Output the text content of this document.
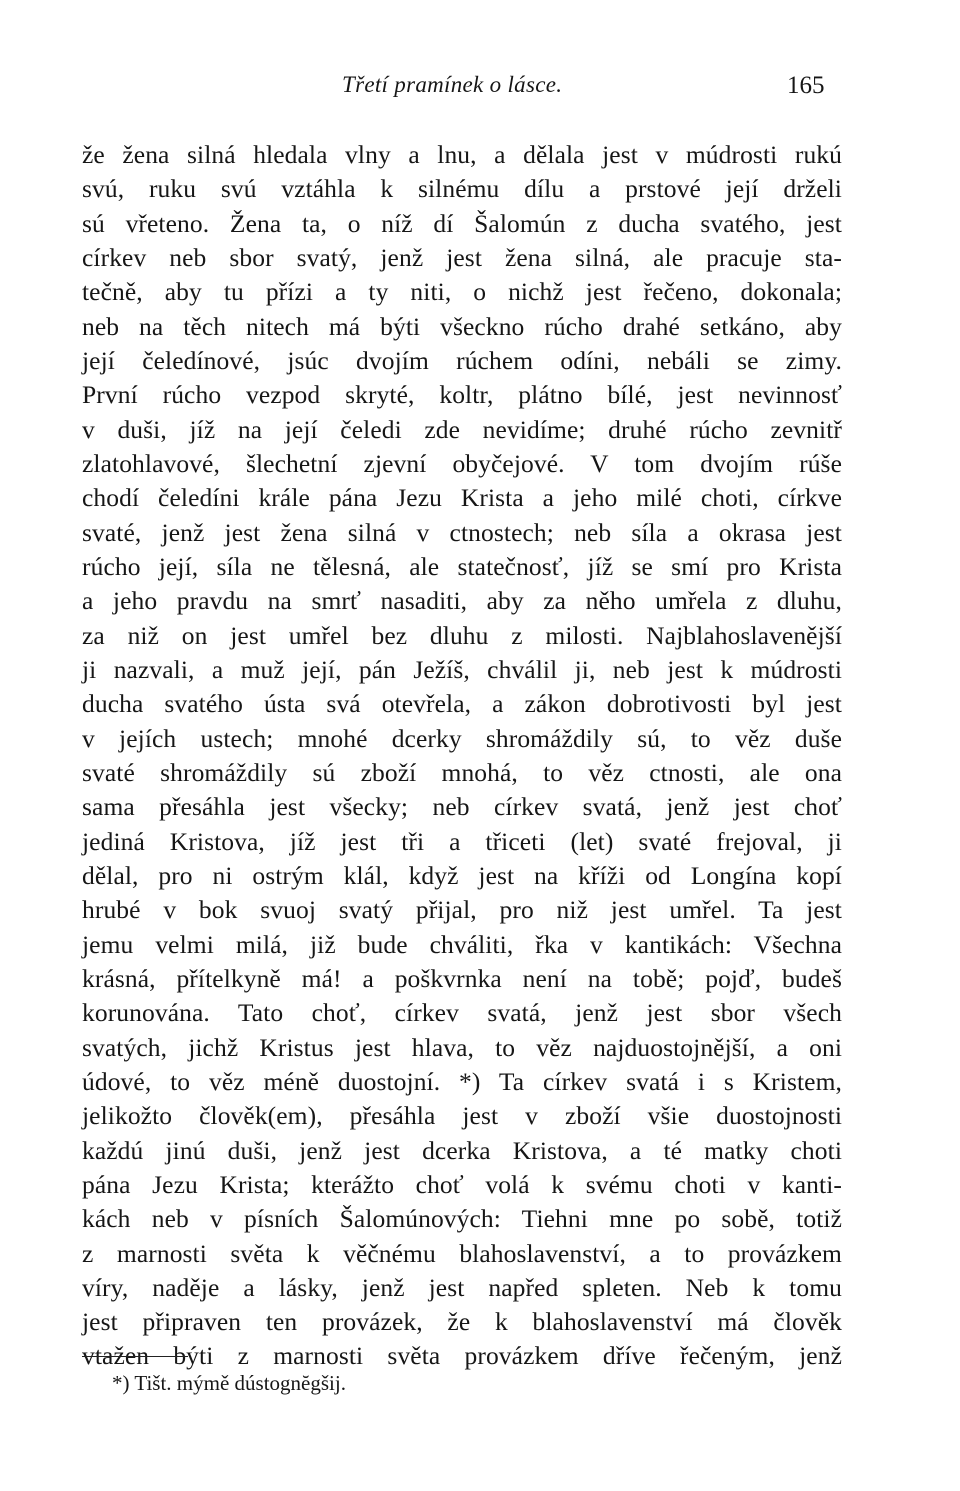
Třetí pramínek o lásce.	165
že žena silná hledala vlny a lnu, a dělala jest v múdrosti rukú
svú, ruku svú vztáhla k silnému dílu a prstové její drželi
sú vřeteno. Žena ta, o níž dí Šalomún z ducha svatého, jest
církev neb sbor svatý, jenž jest žena silná, ale pracuje sta-
tečně, aby tu přízi a ty niti, o nichž jest řečeno, dokonala;
neb na těch nitech má býti všeckno rúcho drahé setkáno, aby
její čeledínové, jsúc dvojím rúchem odíni, nebáli se zimy.
První rúcho vezpod skryté, koltr, plátno bílé, jest nevinnosť
v duši, jíž na její čeledi zde nevidíme; druhé rúcho zevnitř
zlatohlavové, šlechetní zjevní obyčejové. V tom dvojím rúše
chodí čeledíni krále pána Jezu Krista a jeho milé choti, církve
svaté, jenž jest žena silná v ctnostech; neb síla a okrasa jest
rúcho její, síla ne tělesná, ale statečnosť, jíž se smí pro Krista
a jeho pravdu na smrť nasaditi, aby za něho umřela z dluhu,
za niž on jest umřel bez dluhu z milosti. Najblahoslavenější
ji nazvali, a muž její, pán Ježíš, chválil ji, neb jest k múdrosti
ducha svatého ústa svá otevřela, a zákon dobrotivosti byl jest
v jejích ustech; mnohé dcerky shromáždily sú, to věz duše
svaté shromáždily sú zboží mnohá, to věz ctnosti, ale ona
sama přesáhla jest všecky; neb církev svatá, jenž jest choť
jediná Kristova, jíž jest tři a třiceti (let) svaté frejoval, ji
dělal, pro ni ostrým klál, když jest na kříži od Longína kopí
hrubé v bok svuoj svatý přijal, pro niž jest umřel. Ta jest
jemu velmi milá, již bude chváliti, řka v kantikách: Všechna
krásná, přítelkyně má! a poškvrnka není na tobě; pojď, budeš
korunována. Tato choť, církev svatá, jenž jest sbor všech
svatých, jichž Kristus jest hlava, to věz najduostojnější, a oni
údové, to věz méně duostojní. *) Ta církev svatá i s Kristem,
jelikožto člověk(em), přesáhla jest v zboží všie duostojnosti
každú jinú duši, jenž jest dcerka Kristova, a té matky choti
pána Jezu Krista; kterážto choť volá k svému choti v kanti-
kách neb v písních Šalomúnových: Tiehni mne po sobě, totiž
z marnosti světa k věčnému blahoslavenství, a to provázkem
víry, naděje a lásky, jenž jest napřed spleten. Neb k tomu
jest připraven ten provázek, že k blahoslavenství má člověk
vtažen býti z marnosti světa provázkem dříve řečeným, jenž
*) Tišt. mýmě dústognĕgšij.
